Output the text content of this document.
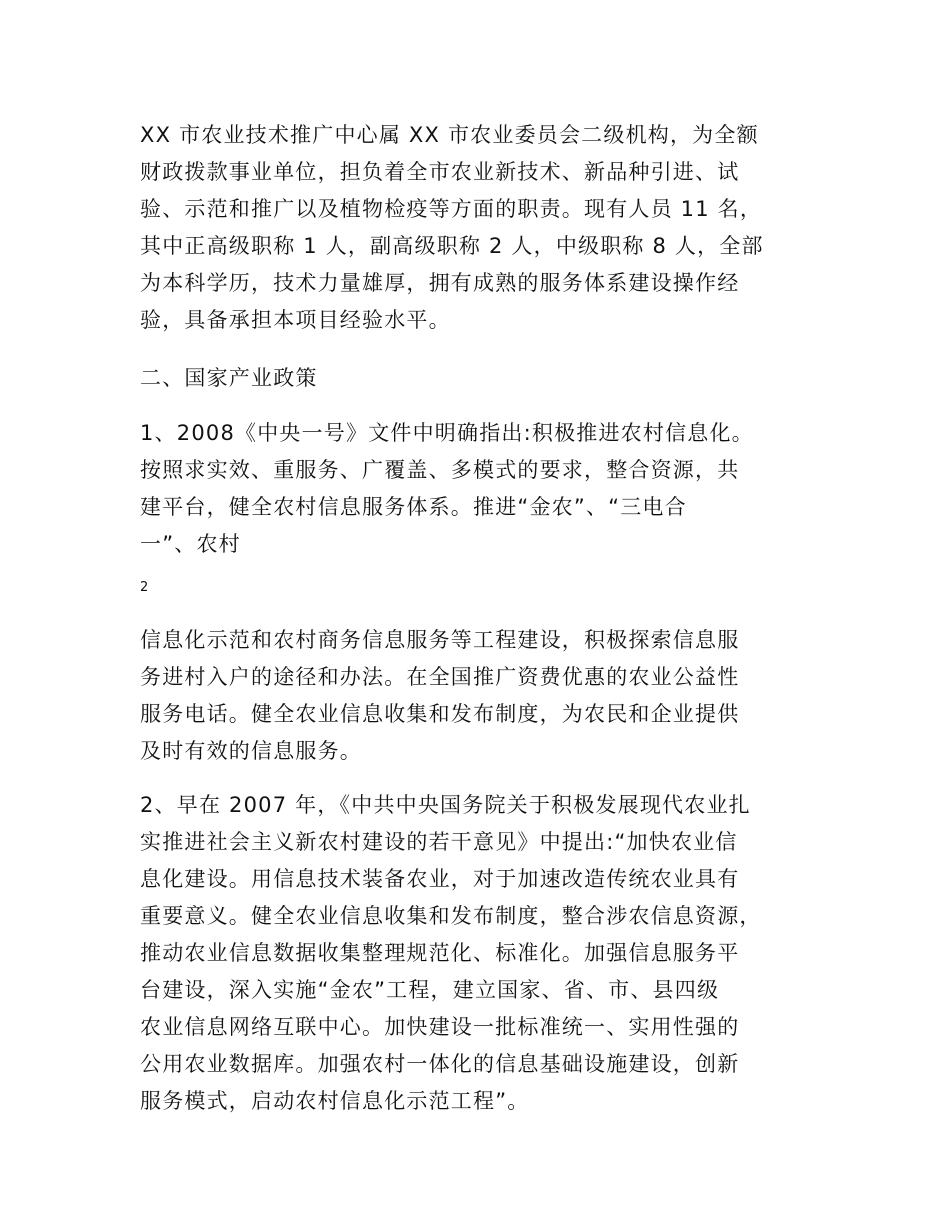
XX 市农业技术推广中心属 XX 市农业委员会二级机构，为全额
财政拨款事业单位，担负着全市农业新技术、新品种引进、试
验、示范和推广以及植物检疫等方面的职责。现有人员 11 名，
其中正高级职称 1 人，副高级职称 2 人，中级职称 8 人，全部
为本科学历，技术力量雄厚，拥有成熟的服务体系建设操作经
验，具备承担本项目经验水平。

二、国家产业政策

1、2008《中央一号》文件中明确指出:积极推进农村信息化。
按照求实效、重服务、广覆盖、多模式的要求，整合资源，共
建平台，健全农村信息服务体系。推进“金农”、“三电合
一”、农村

2

信息化示范和农村商务信息服务等工程建设，积极探索信息服
务进村入户的途径和办法。在全国推广资费优惠的农业公益性
服务电话。健全农业信息收集和发布制度，为农民和企业提供
及时有效的信息服务。

2、早在 2007 年，《中共中央国务院关于积极发展现代农业扎
实推进社会主义新农村建设的若干意见》中提出:“加快农业信
息化建设。用信息技术装备农业，对于加速改造传统农业具有
重要意义。健全农业信息收集和发布制度，整合涉农信息资源，
推动农业信息数据收集整理规范化、标准化。加强信息服务平
台建设，深入实施“金农”工程，建立国家、省、市、县四级
农业信息网络互联中心。加快建设一批标准统一、实用性强的
公用农业数据库。加强农村一体化的信息基础设施建设，创新
服务模式，启动农村信息化示范工程”。
